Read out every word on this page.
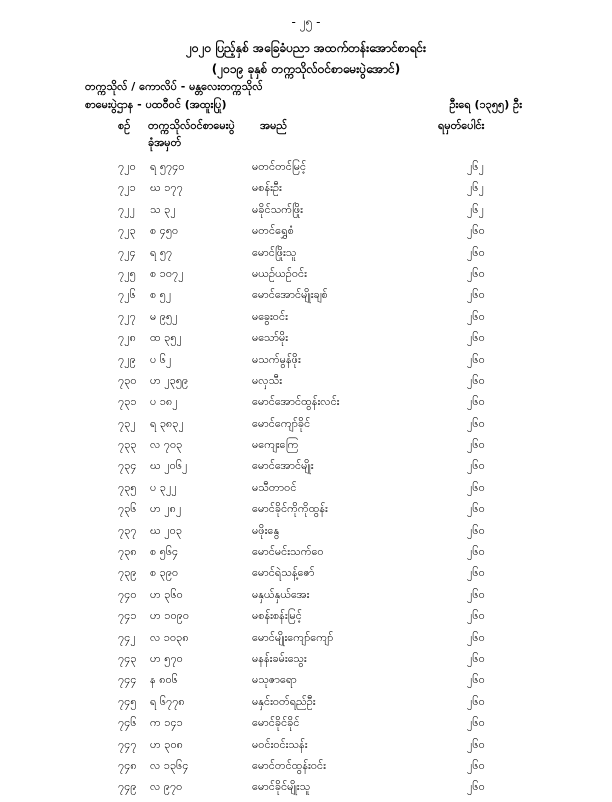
- ၂၅ -
၂၀၂၀ ပြည့်နှစ် အခြေခံပညာ အထက်တန်းအောင်စာရင်း
(၂၀၁၉ ခုနှစ် တက္ကသိုလ်ဝင်စာမေးပွဲအောင်)
တက္ကသိုလ် / ကောလိပ် - မန္တလေးတက္ကသိုလ်
စာမေးပွဲဌာန - ပထဝီဝင် (အထူးပြု)	ဦးရေ (၁၃၅၅) ဦး
စဉ် တက္ကသိုလ်ဝင်စာမေးပွဲ
ခုံအမှတ်
အမည်	ရမှတ်ပေါင်း
၇၂၀ ရ ၅၇၄၀	မတင်တင်မြင့်	၂၆၂
၇၂၁ ဃ ၁၇၇	မစန်းဦး	၂၆၂
၇၂၂ သ ၃၂	မခိုင်သက်ဖြိုး	၂၆၂
၇၂၃ စ ၄၅၀	မတင်ရွှေစံ	၂၆၀
၇၂၄ ရ ၅၇	မောင်ဖြိုးသူ	၂၆၀
၇၂၅ စ ၁၀၇၂	မယဉ်ယဉ်ဝင်း	၂၆၀
၇၂၆ စ ၅၂	မောင်အောင်မျိုးချစ်	၂၆၀
၇၂၇ မ ၉၅၂	မခွေးဝင်း	၂၆၀
၇၂၈ ထ ၃၅၂	မသော်မိုး	၂၆၀
၇၂၉ ပ ၆၂	မသက်မွန်ဖိုး	၂၆၀
၇၃၀ ဟ ၂၃၅၉	မလှသီး	၂၆၀
၇၃၁ ပ ၁၈၂	မောင်အောင်ထွန်းလင်း	၂၆၀
၇၃၂ ရ ၃၈၃၂	မောင်ကျော်ခိုင်	၂၆၀
၇၃၃ လ ၇၀၃	မကျေးကြေ	၂၆၀
၇၃၄ ဃ ၂၀၆၂	မောင်အောင်မျိုး	၂၆၀
၇၃၅ ပ ၃၂၂	မသီတာဝင်	၂၆၀
၇၃၆ ဟ ၂၈၂	မောင်ခိုင်ကိုကိုထွန်း	၂၆၀
၇၃၇ ဃ ၂၀၃	မဖိုးနွေ	၂၆၀
၇၃၈ စ ၅၆၄	မောင်မင်းသက်ဝေ	၂၆၀
၇၃၉ စ ၃၉၀	မောင်ရဲသန့်ဇော်	၂၆၀
၇၄၀ ဟ ၃၆၀	မနှယ်နှယ်အေး	၂၆၀
၇၄၁ ဟ ၁၀၉၀	မစန်းစန်းမြင့်	၂၆၀
၇၄၂ လ ၁၀၃၈	မောင်မျိုးကျော်ကျော်	၂၆၀
၇၄၃ ဟ ၅၇၀	မနန်းခမ်းသွေး	၂၆၀
၇၄၄ န ၈၀၆	မသုဇာရော	၂၆၀
၇၄၅ ရ ၆၇၇၈	မနှင်းဝတ်ရည်ဦး	၂၆၀
၇၄၆ က ၁၄၁	မောင်ခိုင်ခိုင်	၂၆၀
၇၄၇ ဟ ၃၀၈	မဝင်းဝင်းသန်း	၂၆၀
၇၄၈ လ ၁၃၆၄	မောင်တင်ထွန်းဝင်း	၂၆၀
၇၄၉ လ ၉၇၀	မောင်ခိုင်မျိုးသူ	၂၆၀
